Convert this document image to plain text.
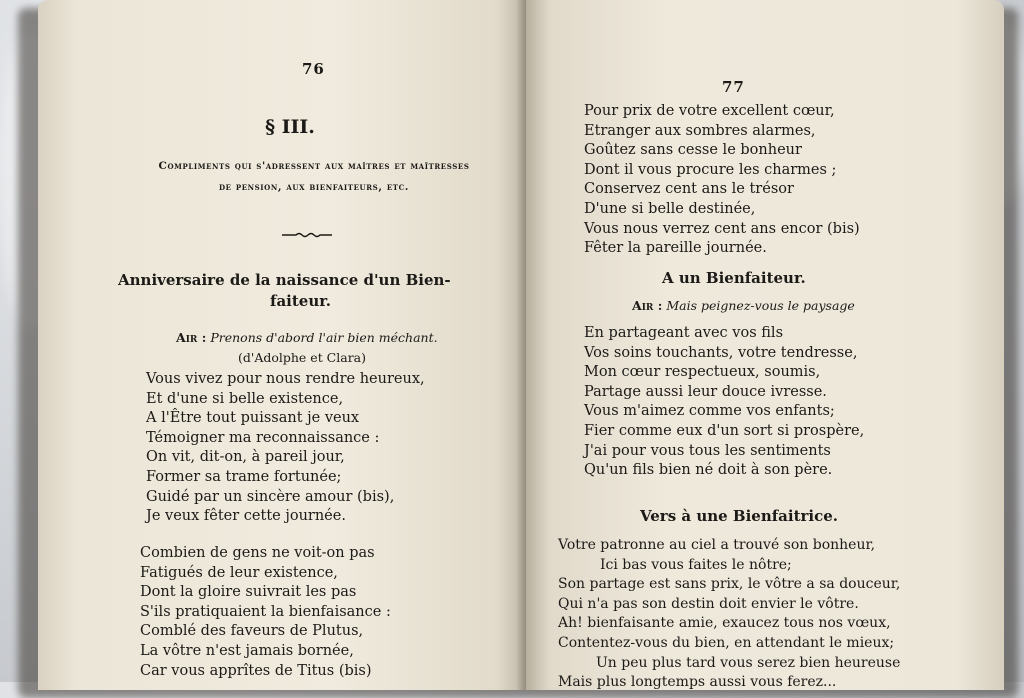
76
§ III.
Compliments qui s'adressent aux maîtres et maîtresses
de pension, aux bienfaiteurs, etc.
Anniversaire de la naissance d'un Bien-
faiteur.
Air : Prenons d'abord l'air bien méchant.
(d'Adolphe et Clara)
Vous vivez pour nous rendre heureux,
Et d'une si belle existence,
A l'Être tout puissant je veux
Témoigner ma reconnaissance :
On vit, dit-on, à pareil jour,
Former sa trame fortunée;
Guidé par un sincère amour (bis),
Je veux fêter cette journée.
Combien de gens ne voit-on pas
Fatigués de leur existence,
Dont la gloire suivrait les pas
S'ils pratiquaient la bienfaisance :
Comblé des faveurs de Plutus,
La vôtre n'est jamais bornée,
Car vous apprîtes de Titus (bis)
77
Pour prix de votre excellent cœur,
Etranger aux sombres alarmes,
Goûtez sans cesse le bonheur
Dont il vous procure les charmes ;
Conservez cent ans le trésor
D'une si belle destinée,
Vous nous verrez cent ans encor (bis)
Fêter la pareille journée.
A un Bienfaiteur.
Air : Mais peignez-vous le paysage
En partageant avec vos fils
Vos soins touchants, votre tendresse,
Mon cœur respectueux, soumis,
Partage aussi leur douce ivresse.
Vous m'aimez comme vos enfants;
Fier comme eux d'un sort si prospère,
J'ai pour vous tous les sentiments
Qu'un fils bien né doit à son père.
Vers à une Bienfaitrice.
Votre patronne au ciel a trouvé son bonheur,
Ici bas vous faites le nôtre;
Son partage est sans prix, le vôtre a sa douceur,
Qui n'a pas son destin doit envier le vôtre.
Ah! bienfaisante amie, exaucez tous nos vœux,
Contentez-vous du bien, en attendant le mieux;
Un peu plus tard vous serez bien heureuse
Mais plus longtemps aussi vous ferez...
